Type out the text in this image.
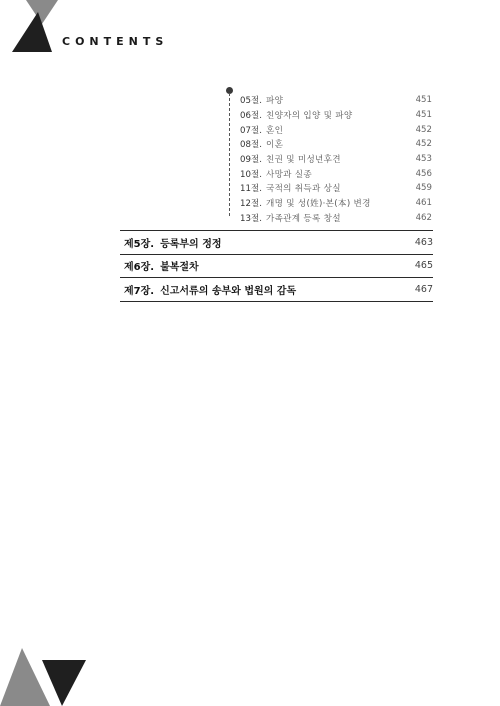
CONTENTS
05절. 파양	451
06절. 친양자의 입양 및 파양	451
07절. 혼인	452
08절. 이혼	452
09절. 친권 및 미성년후견	453
10절. 사망과 실종	456
11절. 국적의 취득과 상실	459
12절. 개명 및 성(姓)·본(本) 변경	461
13절. 가족관계 등록 창설	462
제5장. 등록부의 정정	463
제6장. 불복절차	465
제7장. 신고서류의 송부와 법원의 감독	467
